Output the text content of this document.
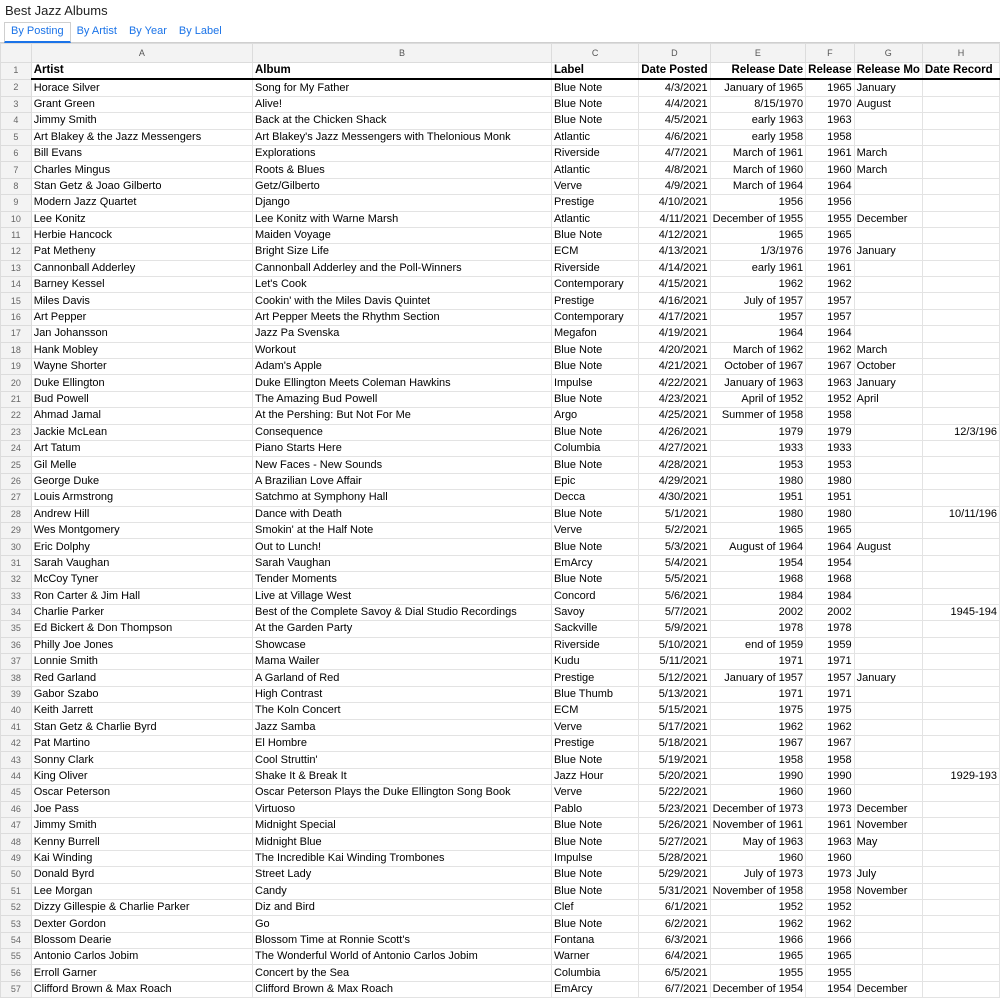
Best Jazz Albums
By Posting	By Artist	By Year	By Label
	A	B	C	D	E	F	G	H
1	Artist	Album	Label	Date Posted	Release Date	Release	Release Mo	Date Record
2	Horace Silver	Song for My Father	Blue Note	4/3/2021	January of 1965	1965	January	
3	Grant Green	Alive!	Blue Note	4/4/2021	8/15/1970	1970	August	
4	Jimmy Smith	Back at the Chicken Shack	Blue Note	4/5/2021	early 1963	1963		
5	Art Blakey & the Jazz Messengers	Art Blakey's Jazz Messengers with Thelonious Monk	Atlantic	4/6/2021	early 1958	1958		
6	Bill Evans	Explorations	Riverside	4/7/2021	March of 1961	1961	March	
7	Charles Mingus	Roots & Blues	Atlantic	4/8/2021	March of 1960	1960	March	
8	Stan Getz & Joao Gilberto	Getz/Gilberto	Verve	4/9/2021	March of 1964	1964		
9	Modern Jazz Quartet	Django	Prestige	4/10/2021	1956	1956		
10	Lee Konitz	Lee Konitz with Warne Marsh	Atlantic	4/11/2021	December of 1955	1955	December	
11	Herbie Hancock	Maiden Voyage	Blue Note	4/12/2021	1965	1965		
12	Pat Metheny	Bright Size Life	ECM	4/13/2021	1/3/1976	1976	January	
13	Cannonball Adderley	Cannonball Adderley and the Poll-Winners	Riverside	4/14/2021	early 1961	1961		
14	Barney Kessel	Let's Cook	Contemporary	4/15/2021	1962	1962		
15	Miles Davis	Cookin' with the Miles Davis Quintet	Prestige	4/16/2021	July of 1957	1957		
16	Art Pepper	Art Pepper Meets the Rhythm Section	Contemporary	4/17/2021	1957	1957		
17	Jan Johansson	Jazz Pa Svenska	Megafon	4/19/2021	1964	1964		
18	Hank Mobley	Workout	Blue Note	4/20/2021	March of 1962	1962	March	
19	Wayne Shorter	Adam's Apple	Blue Note	4/21/2021	October of 1967	1967	October	
20	Duke Ellington	Duke Ellington Meets Coleman Hawkins	Impulse	4/22/2021	January of 1963	1963	January	
21	Bud Powell	The Amazing Bud Powell	Blue Note	4/23/2021	April of 1952	1952	April	
22	Ahmad Jamal	At the Pershing: But Not For Me	Argo	4/25/2021	Summer of 1958	1958		
23	Jackie McLean	Consequence	Blue Note	4/26/2021	1979	1979		12/3/196
24	Art Tatum	Piano Starts Here	Columbia	4/27/2021	1933	1933		
25	Gil Melle	New Faces - New Sounds	Blue Note	4/28/2021	1953	1953		
26	George Duke	A Brazilian Love Affair	Epic	4/29/2021	1980	1980		
27	Louis Armstrong	Satchmo at Symphony Hall	Decca	4/30/2021	1951	1951		
28	Andrew Hill	Dance with Death	Blue Note	5/1/2021	1980	1980		10/11/196
29	Wes Montgomery	Smokin' at the Half Note	Verve	5/2/2021	1965	1965		
30	Eric Dolphy	Out to Lunch!	Blue Note	5/3/2021	August of 1964	1964	August	
31	Sarah Vaughan	Sarah Vaughan	EmArcy	5/4/2021	1954	1954		
32	McCoy Tyner	Tender Moments	Blue Note	5/5/2021	1968	1968		
33	Ron Carter & Jim Hall	Live at Village West	Concord	5/6/2021	1984	1984		
34	Charlie Parker	Best of the Complete Savoy & Dial Studio Recordings	Savoy	5/7/2021	2002	2002		1945-194
35	Ed Bickert & Don Thompson	At the Garden Party	Sackville	5/9/2021	1978	1978		
36	Philly Joe Jones	Showcase	Riverside	5/10/2021	end of 1959	1959		
37	Lonnie Smith	Mama Wailer	Kudu	5/11/2021	1971	1971		
38	Red Garland	A Garland of Red	Prestige	5/12/2021	January of 1957	1957	January	
39	Gabor Szabo	High Contrast	Blue Thumb	5/13/2021	1971	1971		
40	Keith Jarrett	The Koln Concert	ECM	5/15/2021	1975	1975		
41	Stan Getz & Charlie Byrd	Jazz Samba	Verve	5/17/2021	1962	1962		
42	Pat Martino	El Hombre	Prestige	5/18/2021	1967	1967		
43	Sonny Clark	Cool Struttin'	Blue Note	5/19/2021	1958	1958		
44	King Oliver	Shake It & Break It	Jazz Hour	5/20/2021	1990	1990		1929-193
45	Oscar Peterson	Oscar Peterson Plays the Duke Ellington Song Book	Verve	5/22/2021	1960	1960		
46	Joe Pass	Virtuoso	Pablo	5/23/2021	December of 1973	1973	December	
47	Jimmy Smith	Midnight Special	Blue Note	5/26/2021	November of 1961	1961	November	
48	Kenny Burrell	Midnight Blue	Blue Note	5/27/2021	May of 1963	1963	May	
49	Kai Winding	The Incredible Kai Winding Trombones	Impulse	5/28/2021	1960	1960		
50	Donald Byrd	Street Lady	Blue Note	5/29/2021	July of 1973	1973	July	
51	Lee Morgan	Candy	Blue Note	5/31/2021	November of 1958	1958	November	
52	Dizzy Gillespie & Charlie Parker	Diz and Bird	Clef	6/1/2021	1952	1952		
53	Dexter Gordon	Go	Blue Note	6/2/2021	1962	1962		
54	Blossom Dearie	Blossom Time at Ronnie Scott's	Fontana	6/3/2021	1966	1966		
55	Antonio Carlos Jobim	The Wonderful World of Antonio Carlos Jobim	Warner	6/4/2021	1965	1965		
56	Erroll Garner	Concert by the Sea	Columbia	6/5/2021	1955	1955		
57	Clifford Brown & Max Roach	Clifford Brown & Max Roach	EmArcy	6/7/2021	December of 1954	1954	December	
